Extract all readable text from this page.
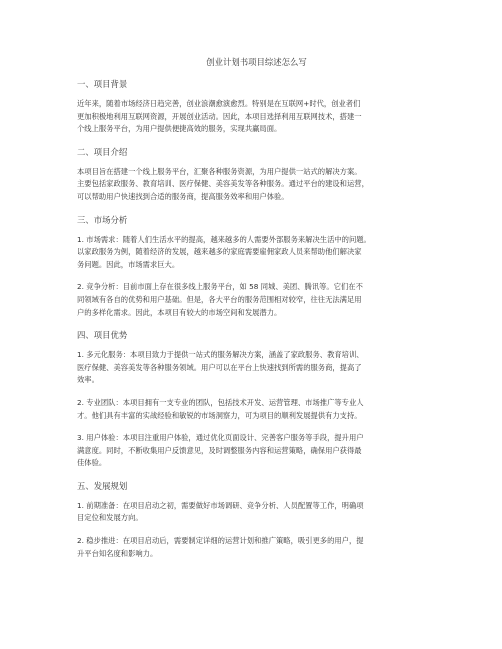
创业计划书项目综述怎么写
一、项目背景

近年来，随着市场经济日趋完善，创业浪潮愈演愈烈。特别是在互联网+时代，创业者们
更加积极地利用互联网资源，开展创业活动。因此，本项目选择利用互联网技术，搭建一
个线上服务平台，为用户提供便捷高效的服务，实现共赢局面。

二、项目介绍

本项目旨在搭建一个线上服务平台，汇聚各种服务资源，为用户提供一站式的解决方案。
主要包括家政服务、教育培训、医疗保健、美容美发等各种服务。通过平台的建设和运营，
可以帮助用户快速找到合适的服务商，提高服务效率和用户体验。

三、市场分析

1. 市场需求：随着人们生活水平的提高，越来越多的人需要外部服务来解决生活中的问题。
以家政服务为例，随着经济的发展，越来越多的家庭需要雇佣家政人员来帮助他们解决家
务问题。因此，市场需求巨大。

2. 竞争分析：目前市面上存在很多线上服务平台，如 58 同城、美团、腾讯等。它们在不
同领域有各自的优势和用户基础。但是，各大平台的服务范围相对较窄，往往无法满足用
户的多样化需求。因此，本项目有较大的市场空间和发展潜力。

四、项目优势

1. 多元化服务：本项目致力于提供一站式的服务解决方案，涵盖了家政服务、教育培训、
医疗保健、美容美发等各种服务领域。用户可以在平台上快速找到所需的服务商，提高了
效率。

2. 专业团队：本项目拥有一支专业的团队，包括技术开发、运营管理、市场推广等专业人
才。他们具有丰富的实战经验和敏锐的市场洞察力，可为项目的顺利发展提供有力支持。

3. 用户体验：本项目注重用户体验，通过优化页面设计、完善客户服务等手段，提升用户
满意度。同时，不断收集用户反馈意见，及时调整服务内容和运营策略，确保用户获得最
佳体验。

五、发展规划

1. 前期准备：在项目启动之初，需要做好市场调研、竞争分析、人员配置等工作，明确项
目定位和发展方向。

2. 稳步推进：在项目启动后，需要制定详细的运营计划和推广策略，吸引更多的用户，提
升平台知名度和影响力。
